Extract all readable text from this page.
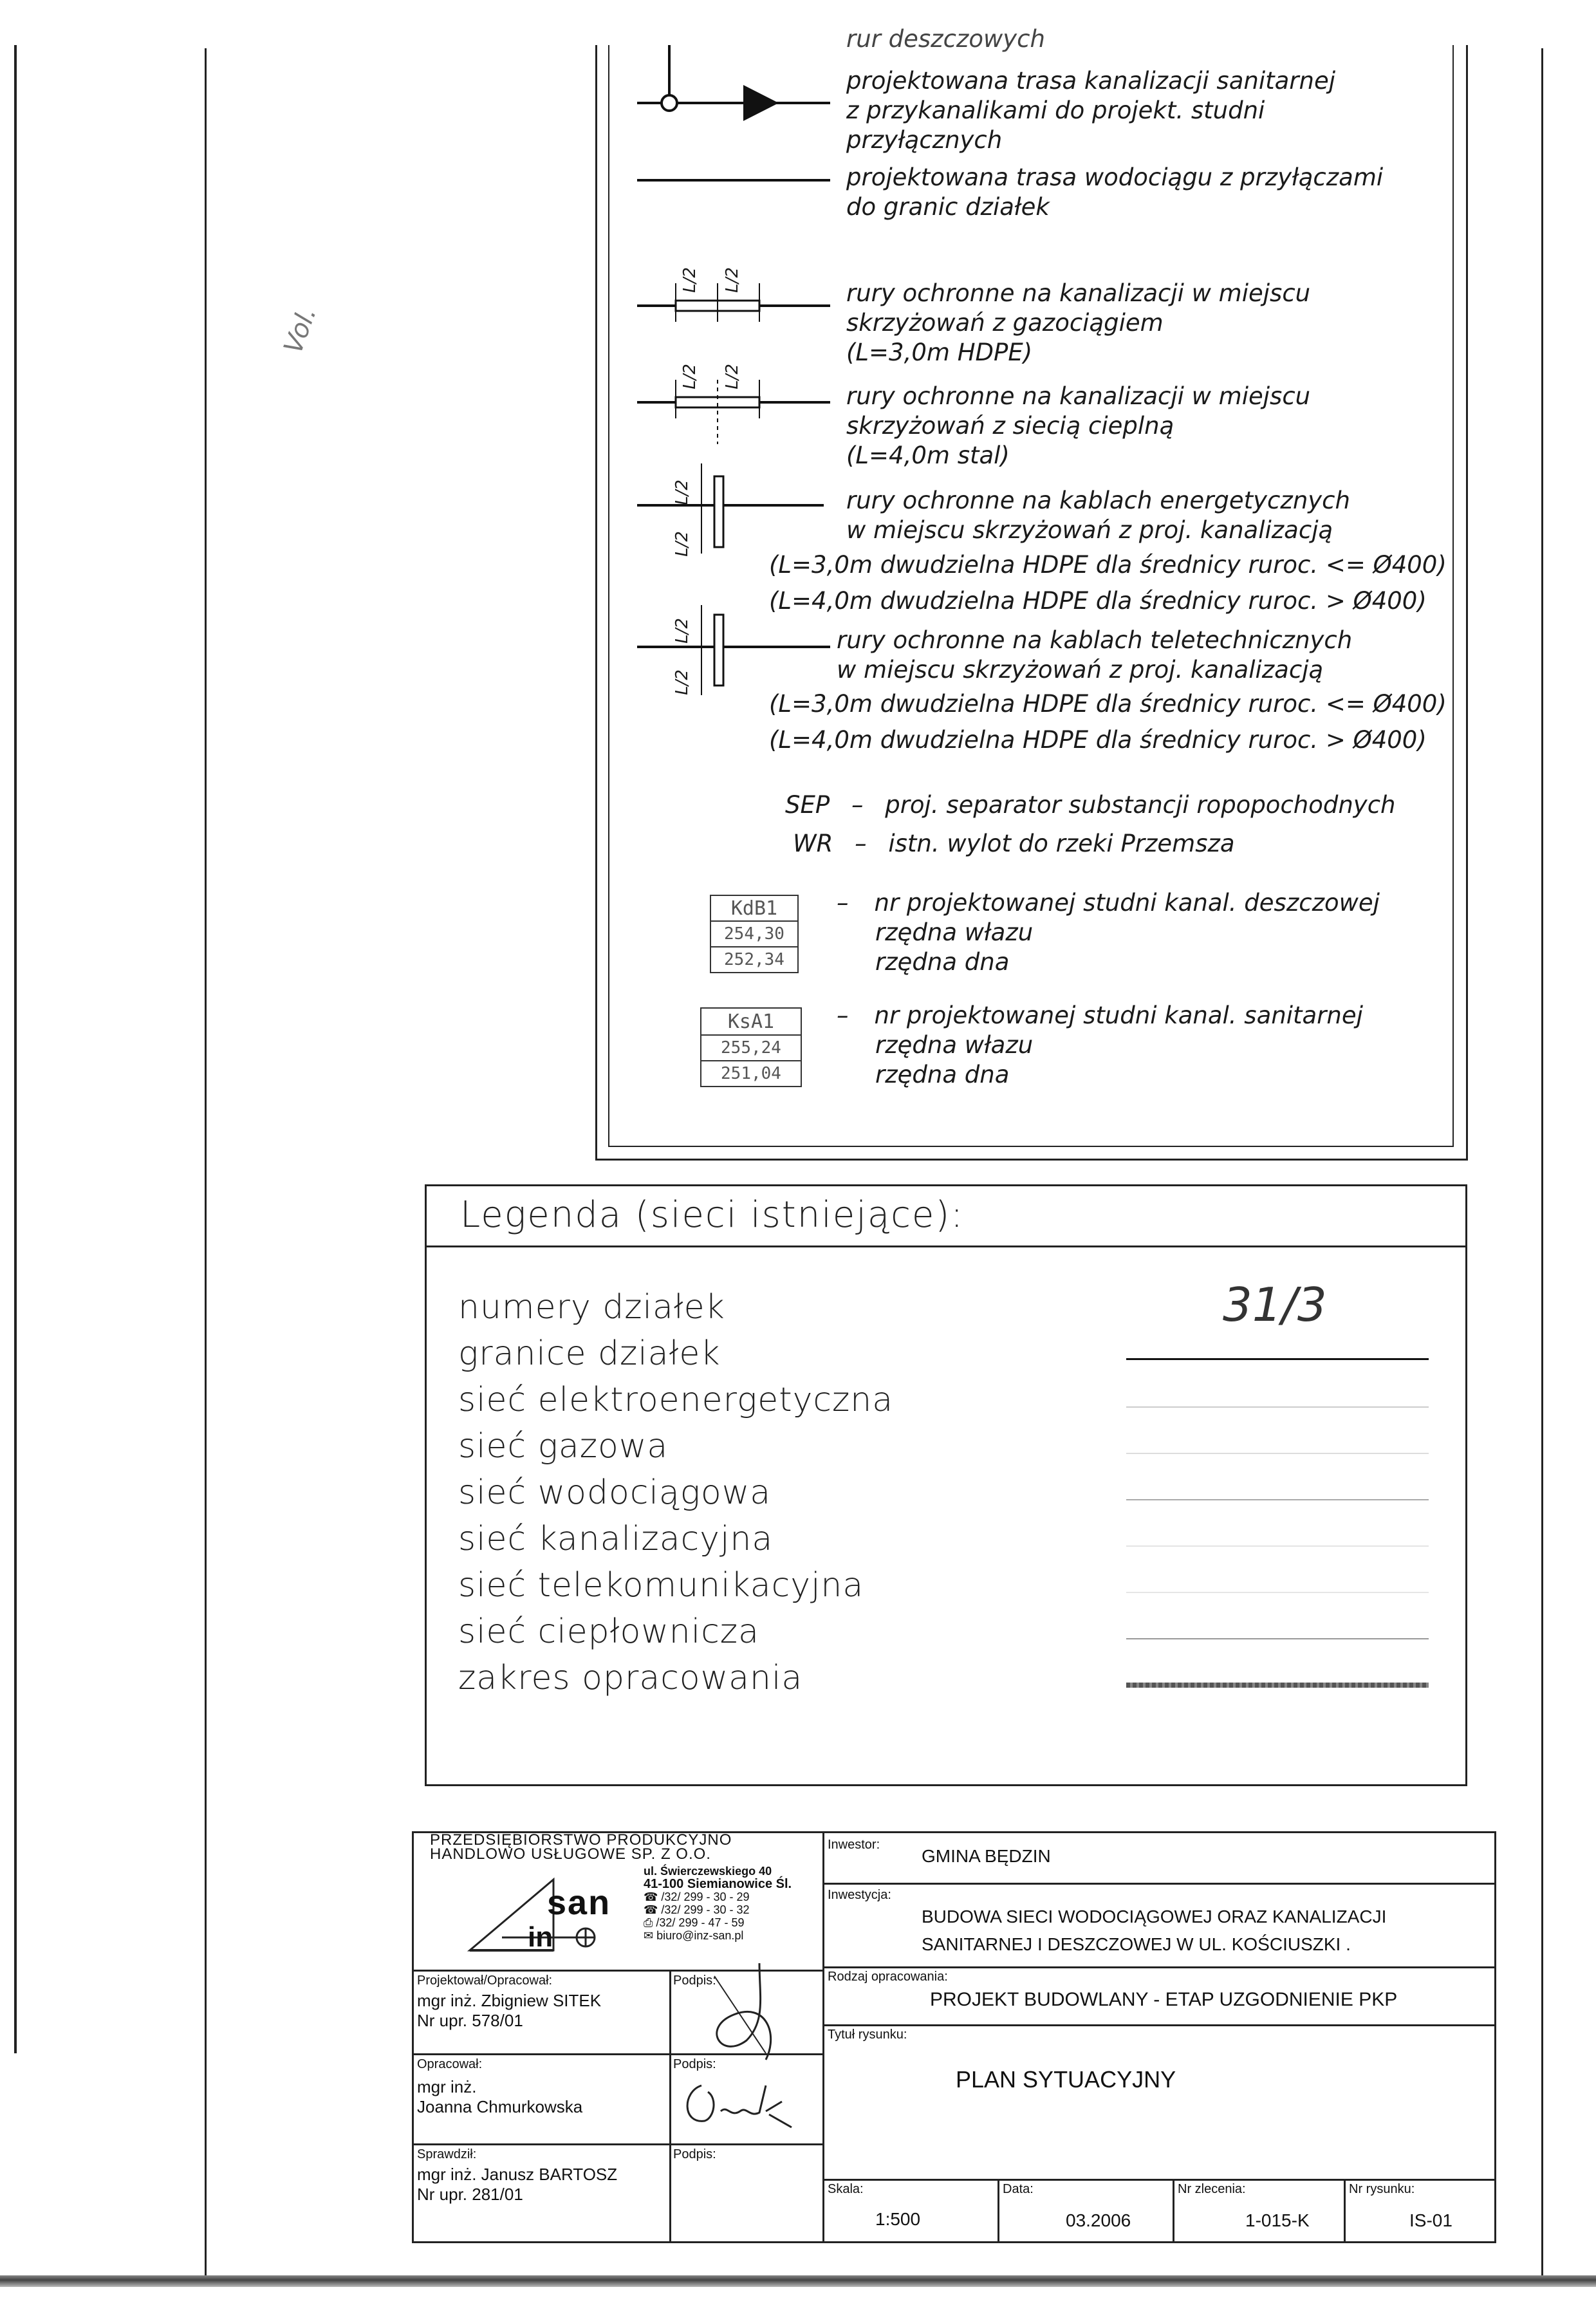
Vol.
L/2 L/2
L/2 L/2
L/2
L/2
L/2
L/2
rur deszczowych
projektowana trasa kanalizacji sanitarnej
z przykanalikami do projekt. studni
przyłącznych
projektowana trasa wodociągu z przyłączami
do granic działek
rury ochronne na kanalizacji w miejscu
skrzyżowań z gazociągiem
(L=3,0m HDPE)
rury ochronne na kanalizacji w miejscu
skrzyżowań z siecią cieplną
(L=4,0m stal)
rury ochronne na kablach energetycznych
w miejscu skrzyżowań z proj. kanalizacją
(L=3,0m dwudzielna HDPE dla średnicy ruroc. <= Ø400)
(L=4,0m dwudzielna HDPE dla średnicy ruroc. > Ø400)
rury ochronne na kablach teletechnicznych
w miejscu skrzyżowań z proj. kanalizacją
(L=3,0m dwudzielna HDPE dla średnicy ruroc. <= Ø400)
(L=4,0m dwudzielna HDPE dla średnicy ruroc. > Ø400)
SEP – proj. separator substancji ropopochodnych
WR – istn. wylot do rzeki Przemsza
KdB1
254,30
252,34
– nr projektowanej studni kanal. deszczowej
rzędna włazu
rzędna dna
KsA1
255,24
251,04
– nr projektowanej studni kanal. sanitarnej
rzędna włazu
rzędna dna
Legenda (sieci istniejące):
numery działek
granice działek
sieć elektroenergetyczna
sieć gazowa
sieć wodociągowa
sieć kanalizacyjna
sieć telekomunikacyjna
sieć ciepłownicza
zakres opracowania
31/3
PRZEDSIĘBIORSTWO PRODUKCYJNO
HANDLOWO USŁUGOWE SP. Z O.O.
ul. Świerczewskiego 40
41-100 Siemianowice Śl.
☎ /32/ 299 - 30 - 29
☎ /32/ 299 - 30 - 32
⎙ /32/ 299 - 47 - 59
✉ biuro@inz-san.pl
san
in
Projektował/Opracował:
mgr inż. Zbigniew SITEK
Nr upr. 578/01
Podpis:
Opracował:
mgr inż.
Joanna Chmurkowska
Podpis:
Sprawdził:
mgr inż. Janusz BARTOSZ
Nr upr. 281/01
Podpis:
Inwestor:
GMINA BĘDZIN
Inwestycja:
BUDOWA SIECI WODOCIĄGOWEJ ORAZ KANALIZACJI
SANITARNEJ I DESZCZOWEJ W UL. KOŚCIUSZKI .
Rodzaj opracowania:
PROJEKT BUDOWLANY - ETAP UZGODNIENIE PKP
Tytuł rysunku:
PLAN SYTUACYJNY
Skala:
1:500
Data:
03.2006
Nr zlecenia:
1-015-K
Nr rysunku:
IS-01
